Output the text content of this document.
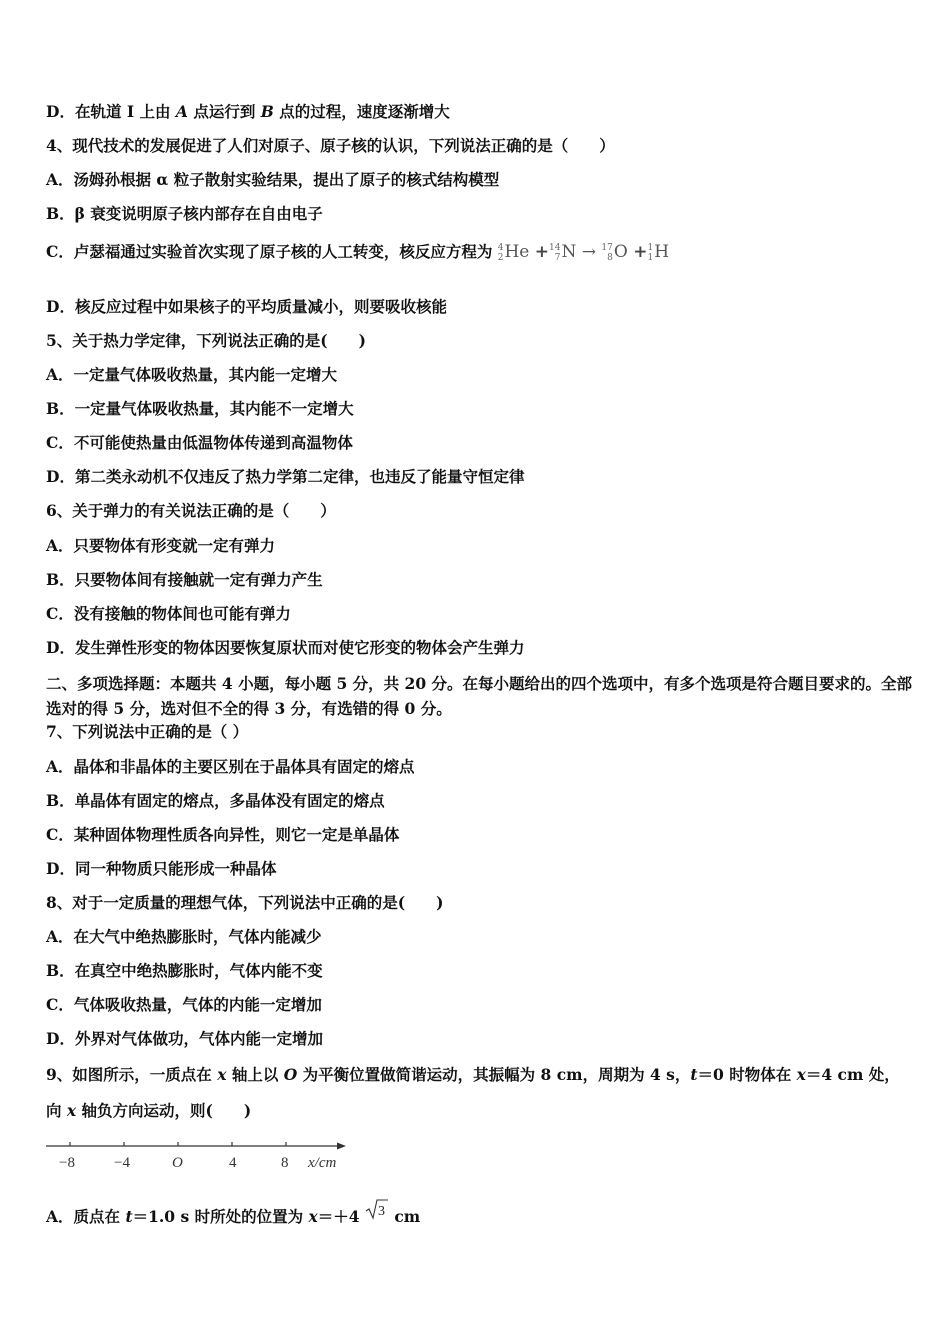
D．在轨道 I 上由 A 点运行到 B 点的过程，速度逐渐增大
4、现代技术的发展促进了人们对原子、原子核的认识，下列说法正确的是（　　）
A．汤姆孙根据 α 粒子散射实验结果，提出了原子的核式结构模型
B．β 衰变说明原子核内部存在自由电子
C．卢瑟福通过实验首次实现了原子核的人工转变，核反应方程为 4
2 He + 14
7 N → 17
8 O + 1
1 H
D．核反应过程中如果核子的平均质量减小，则要吸收核能
5、关于热力学定律，下列说法正确的是(　　)
A．一定量气体吸收热量，其内能一定增大
B．一定量气体吸收热量，其内能不一定增大
C．不可能使热量由低温物体传递到高温物体
D．第二类永动机不仅违反了热力学第二定律，也违反了能量守恒定律
6、关于弹力的有关说法正确的是（　　）
A．只要物体有形变就一定有弹力
B．只要物体间有接触就一定有弹力产生
C．没有接触的物体间也可能有弹力
D．发生弹性形变的物体因要恢复原状而对使它形变的物体会产生弹力
二、多项选择题：本题共 4 小题，每小题 5 分，共 20 分。在每小题给出的四个选项中，有多个选项是符合题目要求的。全部选对的得 5 分，选对但不全的得 3 分，有选错的得 0 分。
7、下列说法中正确的是（ ）
A．晶体和非晶体的主要区别在于晶体具有固定的熔点
B．单晶体有固定的熔点，多晶体没有固定的熔点
C．某种固体物理性质各向异性，则它一定是单晶体
D．同一种物质只能形成一种晶体
8、对于一定质量的理想气体，下列说法中正确的是(　　)
A．在大气中绝热膨胀时，气体内能减少
B．在真空中绝热膨胀时，气体内能不变
C．气体吸收热量，气体的内能一定增加
D．外界对气体做功，气体内能一定增加
9、如图所示，一质点在 x 轴上以 O 为平衡位置做简谐运动，其振幅为 8 cm，周期为 4 s，t＝0 时物体在 x＝4 cm 处，
向 x 轴负方向运动，则(　　)
−8	−4	O	4	8 x/cm
A．质点在 t＝1.0 s 时所处的位置为 x＝＋4 3 cm
